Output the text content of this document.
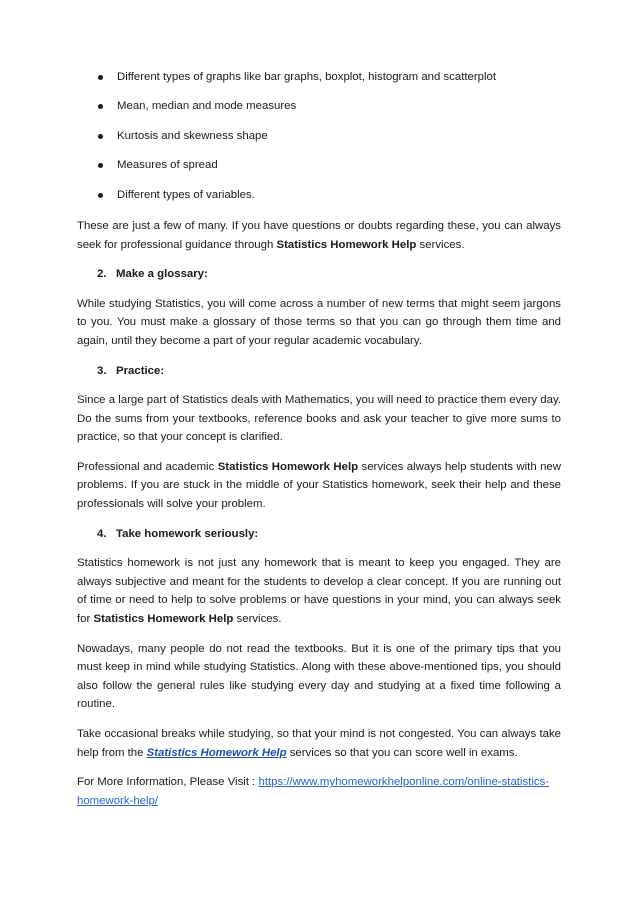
Different types of graphs like bar graphs, boxplot, histogram and scatterplot
Mean, median and mode measures
Kurtosis and skewness shape
Measures of spread
Different types of variables.

These are just a few of many. If you have questions or doubts regarding these, you can always seek for professional guidance through Statistics Homework Help services.

2.   Make a glossary:

While studying Statistics, you will come across a number of new terms that might seem jargons to you. You must make a glossary of those terms so that you can go through them time and again, until they become a part of your regular academic vocabulary.

3.   Practice:

Since a large part of Statistics deals with Mathematics, you will need to practice them every day. Do the sums from your textbooks, reference books and ask your teacher to give more sums to practice, so that your concept is clarified.

Professional and academic Statistics Homework Help services always help students with new problems. If you are stuck in the middle of your Statistics homework, seek their help and these professionals will solve your problem.

4.   Take homework seriously:

Statistics homework is not just any homework that is meant to keep you engaged. They are always subjective and meant for the students to develop a clear concept. If you are running out of time or need to help to solve problems or have questions in your mind, you can always seek for Statistics Homework Help services.

Nowadays, many people do not read the textbooks. But it is one of the primary tips that you must keep in mind while studying Statistics. Along with these above-mentioned tips, you should also follow the general rules like studying every day and studying at a fixed time following a routine.

Take occasional breaks while studying, so that your mind is not congested. You can always take help from the Statistics Homework Help services so that you can score well in exams.

For More Information, Please Visit : https://www.myhomeworkhelponline.com/online-statistics-homework-help/
